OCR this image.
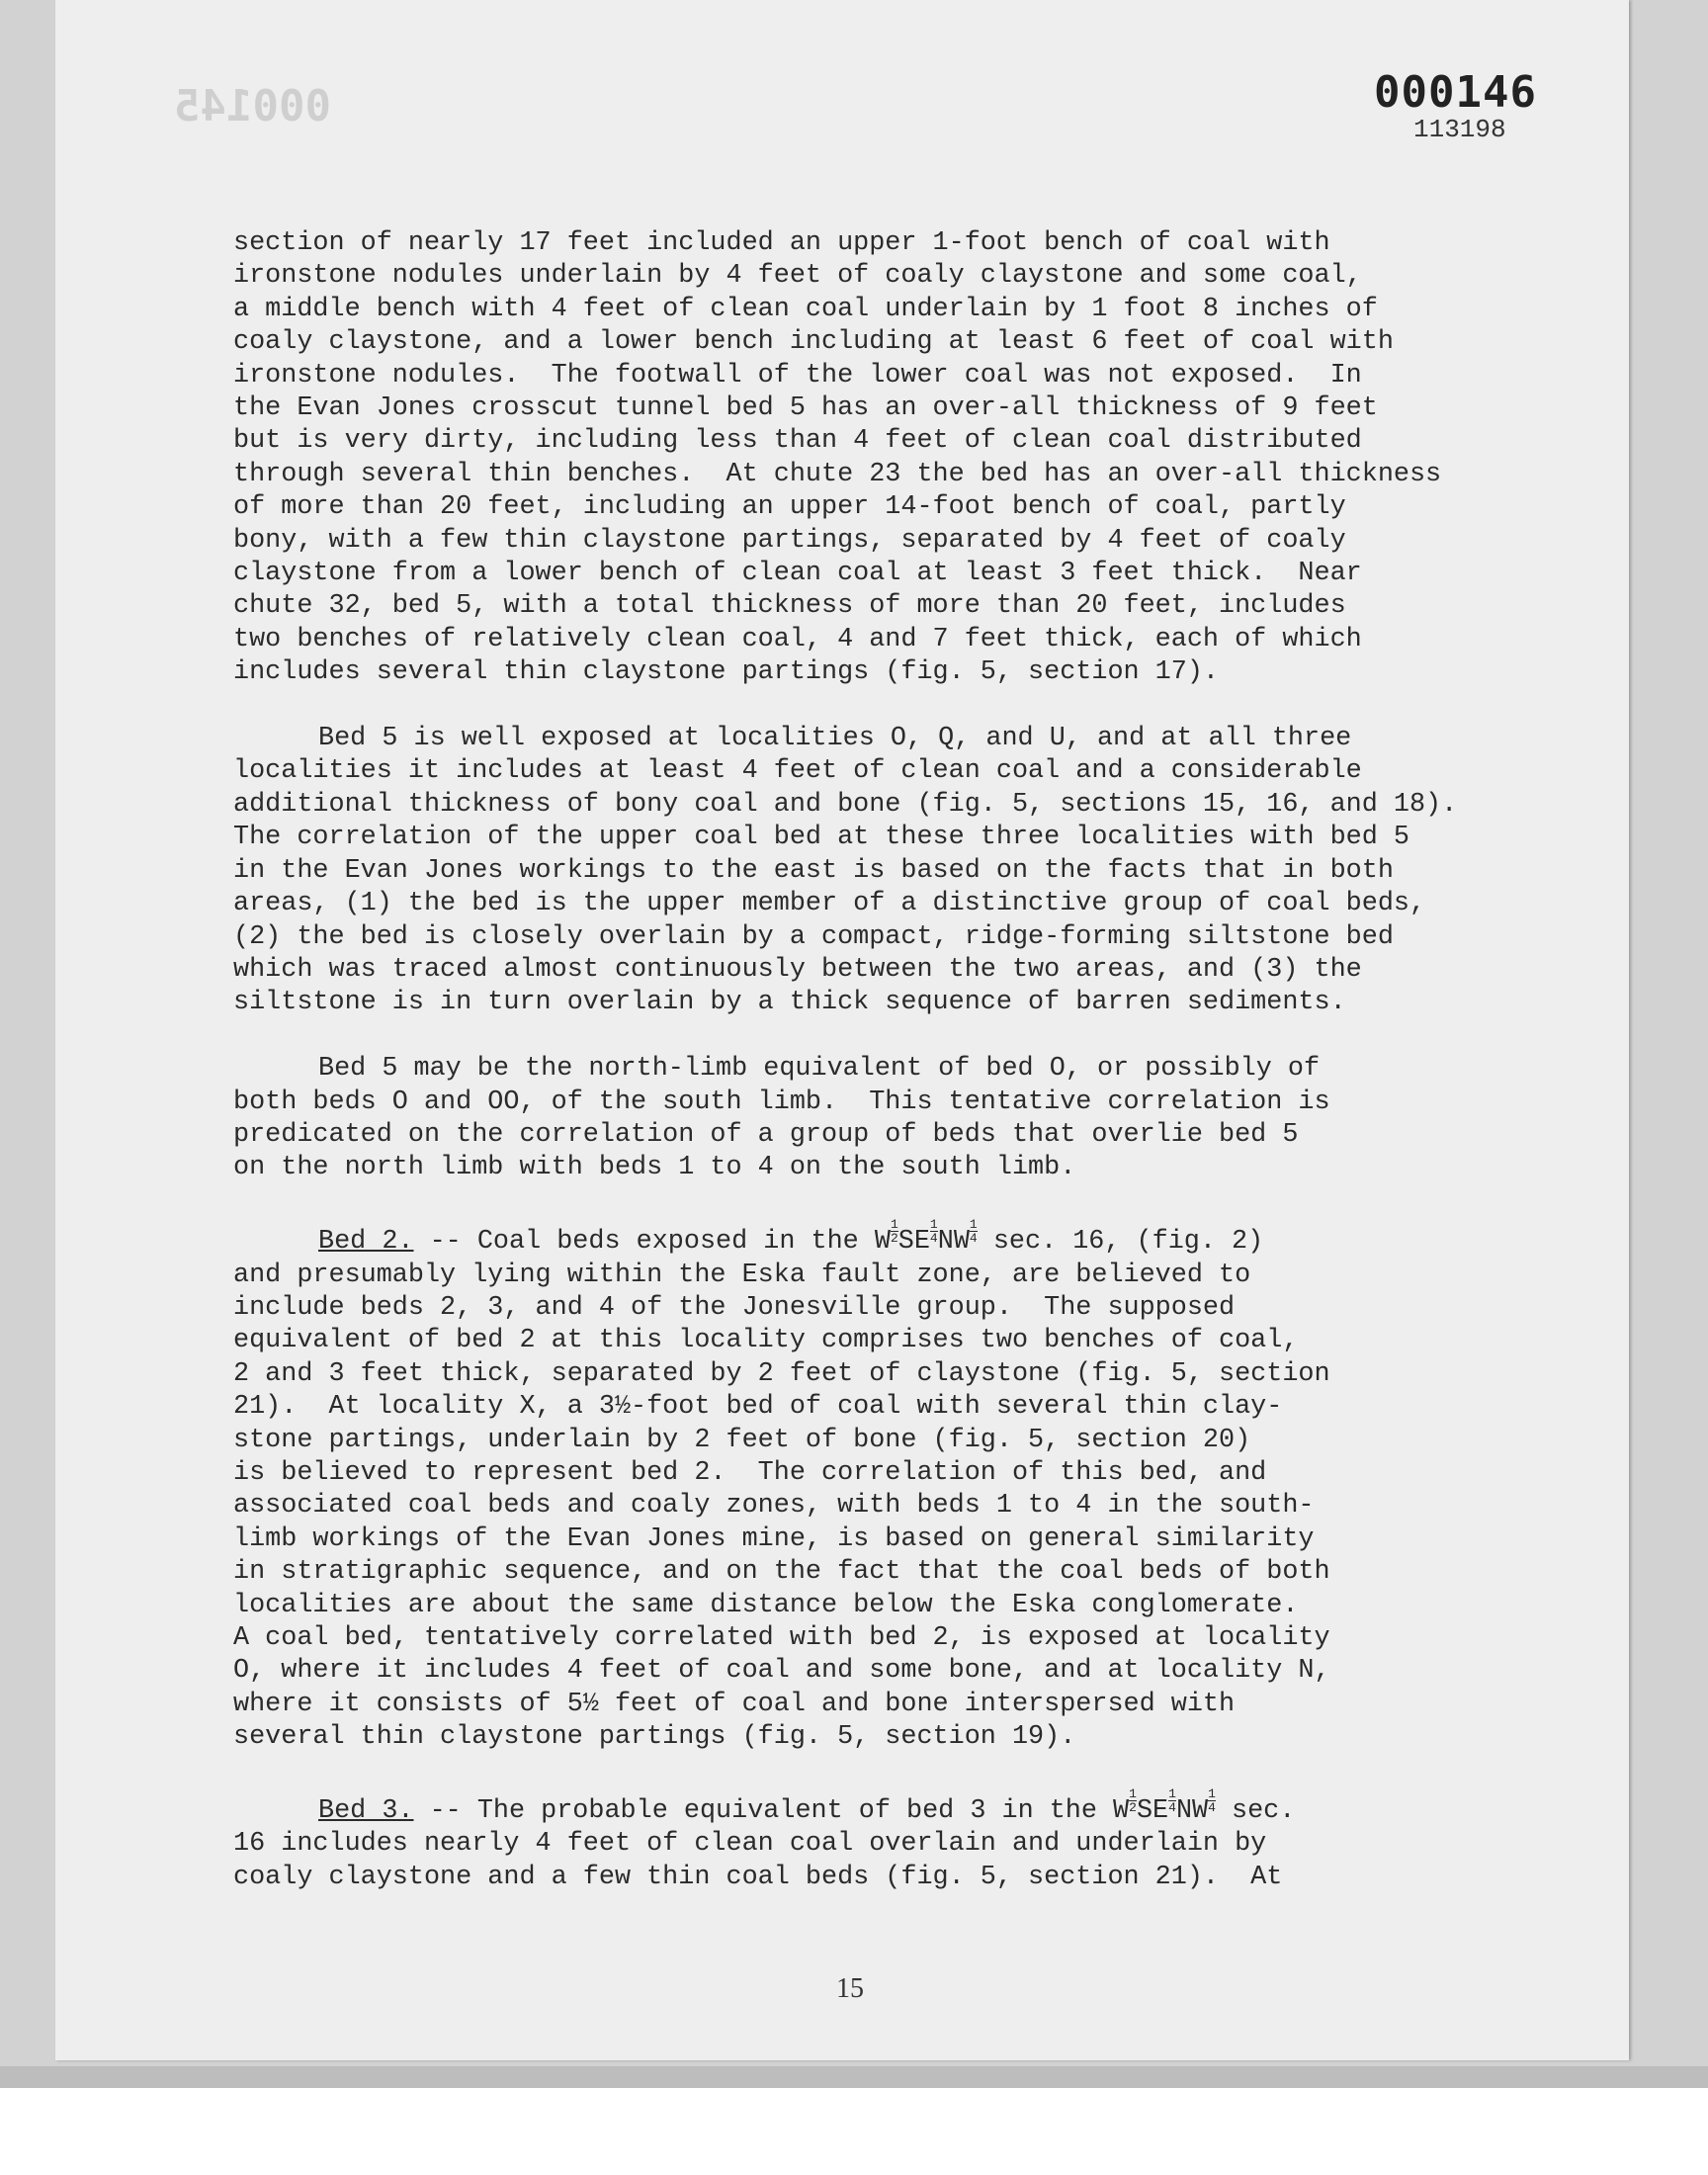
000145	000146
113198
section of nearly 17 feet included an upper 1-foot bench of coal with
ironstone nodules underlain by 4 feet of coaly claystone and some coal,
a middle bench with 4 feet of clean coal underlain by 1 foot 8 inches of
coaly claystone, and a lower bench including at least 6 feet of coal with
ironstone nodules.  The footwall of the lower coal was not exposed.  In
the Evan Jones crosscut tunnel bed 5 has an over-all thickness of 9 feet
but is very dirty, including less than 4 feet of clean coal distributed
through several thin benches.  At chute 23 the bed has an over-all thickness
of more than 20 feet, including an upper 14-foot bench of coal, partly
bony, with a few thin claystone partings, separated by 4 feet of coaly
claystone from a lower bench of clean coal at least 3 feet thick.  Near
chute 32, bed 5, with a total thickness of more than 20 feet, includes
two benches of relatively clean coal, 4 and 7 feet thick, each of which
includes several thin claystone partings (fig. 5, section 17).
Bed 5 is well exposed at localities O, Q, and U, and at all three
localities it includes at least 4 feet of clean coal and a considerable
additional thickness of bony coal and bone (fig. 5, sections 15, 16, and 18).
The correlation of the upper coal bed at these three localities with bed 5
in the Evan Jones workings to the east is based on the facts that in both
areas, (1) the bed is the upper member of a distinctive group of coal beds,
(2) the bed is closely overlain by a compact, ridge-forming siltstone bed
which was traced almost continuously between the two areas, and (3) the
siltstone is in turn overlain by a thick sequence of barren sediments.
Bed 5 may be the north-limb equivalent of bed O, or possibly of
both beds O and OO, of the south limb.  This tentative correlation is
predicated on the correlation of a group of beds that overlie bed 5
on the north limb with beds 1 to 4 on the south limb.
Bed 2. -- Coal beds exposed in the W $\frac{1}{2}SE \frac{1}{4}NW \frac{1}{4} \sec$. 16, (fig. 2)
and presumably lying within the Eska fault zone, are believed to
include beds 2, 3, and 4 of the Jonesville group.  The supposed
equivalent of bed 2 at this locality comprises two benches of coal,
2 and 3 feet thick, separated by 2 feet of claystone (fig. 5, section
21).  At locality X, a 3½-foot bed of coal with several thin clay-
stone partings, underlain by 2 feet of bone (fig. 5, section 20)
is believed to represent bed 2.  The correlation of this bed, and
associated coal beds and coaly zones, with beds 1 to 4 in the south-
limb workings of the Evan Jones mine, is based on general similarity
in stratigraphic sequence, and on the fact that the coal beds of both
localities are about the same distance below the Eska conglomerate.
A coal bed, tentatively correlated with bed 2, is exposed at locality
O, where it includes 4 feet of coal and some bone, and at locality N,
where it consists of 5½ feet of coal and bone interspersed with
several thin claystone partings (fig. 5, section 19).
Bed 3. -- The probable equivalent of bed 3 in the W $\frac{1}{2}SE \frac{1}{4}NW \frac{1}{4} \sec$.
16 includes nearly 4 feet of clean coal overlain and underlain by
coaly claystone and a few thin coal beds (fig. 5, section 21).  At
15
